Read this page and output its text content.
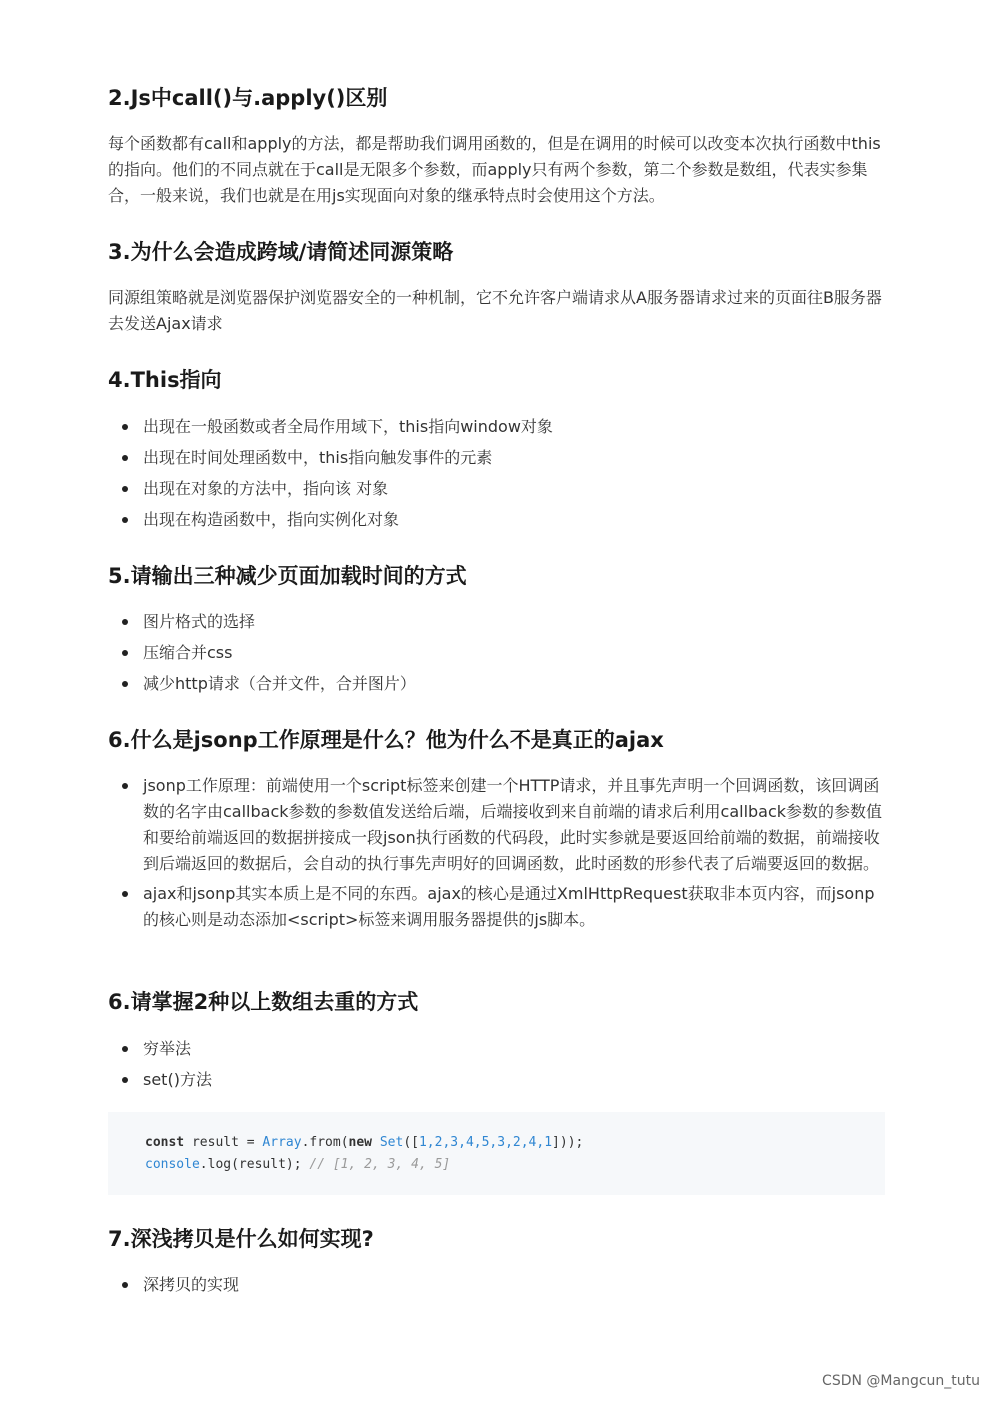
2.Js中call()与.apply()区别

每个函数都有call和apply的方法，都是帮助我们调用函数的，但是在调用的时候可以改变本次执行函数中this的指向。他们的不同点就在于call是无限多个参数，而apply只有两个参数，第二个参数是数组，代表实参集合，一般来说，我们也就是在用js实现面向对象的继承特点时会使用这个方法。

3.为什么会造成跨域/请简述同源策略

同源组策略就是浏览器保护浏览器安全的一种机制，它不允许客户端请求从A服务器请求过来的页面往B服务器去发送Ajax请求

4.This指向
出现在一般函数或者全局作用域下，this指向window对象
出现在时间处理函数中，this指向触发事件的元素
出现在对象的方法中，指向该 对象
出现在构造函数中，指向实例化对象
5.请输出三种减少页面加载时间的方式
图片格式的选择
压缩合并css
减少http请求（合并文件，合并图片）
6.什么是jsonp工作原理是什么？他为什么不是真正的ajax
jsonp工作原理：前端使用一个script标签来创建一个HTTP请求，并且事先声明一个回调函数，该回调函数的名字由callback参数的参数值发送给后端，后端接收到来自前端的请求后利用callback参数的参数值和要给前端返回的数据拼接成一段json执行函数的代码段，此时实参就是要返回给前端的数据，前端接收到后端返回的数据后，会自动的执行事先声明好的回调函数，此时函数的形参代表了后端要返回的数据。
ajax和jsonp其实本质上是不同的东西。ajax的核心是通过XmlHttpRequest获取非本页内容，而jsonp的核心则是动态添加<script>标签来调用服务器提供的js脚本。
6.请掌握2种以上数组去重的方式
穷举法
set()方法
const result = Array.from(new Set([1,2,3,4,5,3,2,4,1]));
console.log(result); // [1, 2, 3, 4, 5]
7.深浅拷贝是什么如何实现?
深拷贝的实现
CSDN @Mangcun_tutu
